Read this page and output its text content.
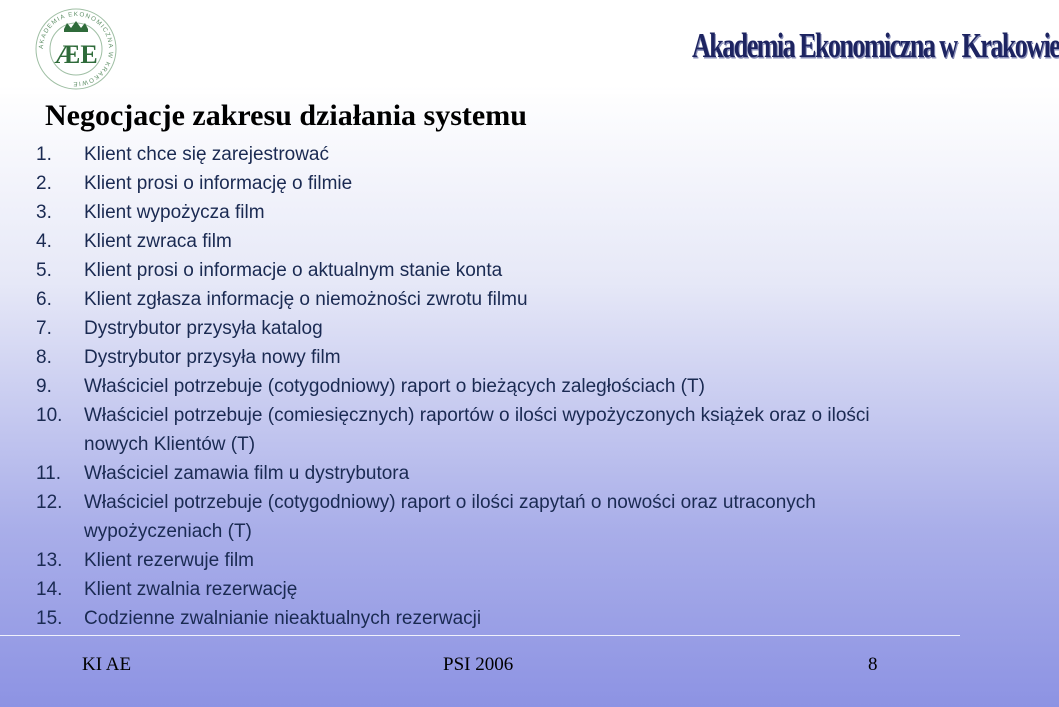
AKADEMIA EKONOMICZNA W KRAKOWIE
ÆE	Akademia Ekonomiczna w Krakowie
Negocjacje zakresu działania systemu
1.	Klient chce się zarejestrować
2.	Klient prosi o informację o filmie
3.	Klient wypożycza film
4.	Klient zwraca film
5.	Klient prosi o informacje o aktualnym stanie konta
6.	Klient zgłasza informację o niemożności zwrotu filmu
7.	Dystrybutor przysyła katalog
8.	Dystrybutor przysyła nowy film
9.	Właściciel potrzebuje (cotygodniowy) raport o bieżących zaległościach (T)
10.	Właściciel potrzebuje (comiesięcznych) raportów o ilości wypożyczonych książek oraz o ilości nowych Klientów (T)
11.	Właściciel zamawia film u dystrybutora
12.	Właściciel potrzebuje (cotygodniowy) raport o ilości zapytań o nowości oraz utraconych wypożyczeniach (T)
13.	Klient rezerwuje film
14.	Klient zwalnia rezerwację
15.	Codzienne zwalnianie nieaktualnych rezerwacji
KI AE	PSI 2006	8
